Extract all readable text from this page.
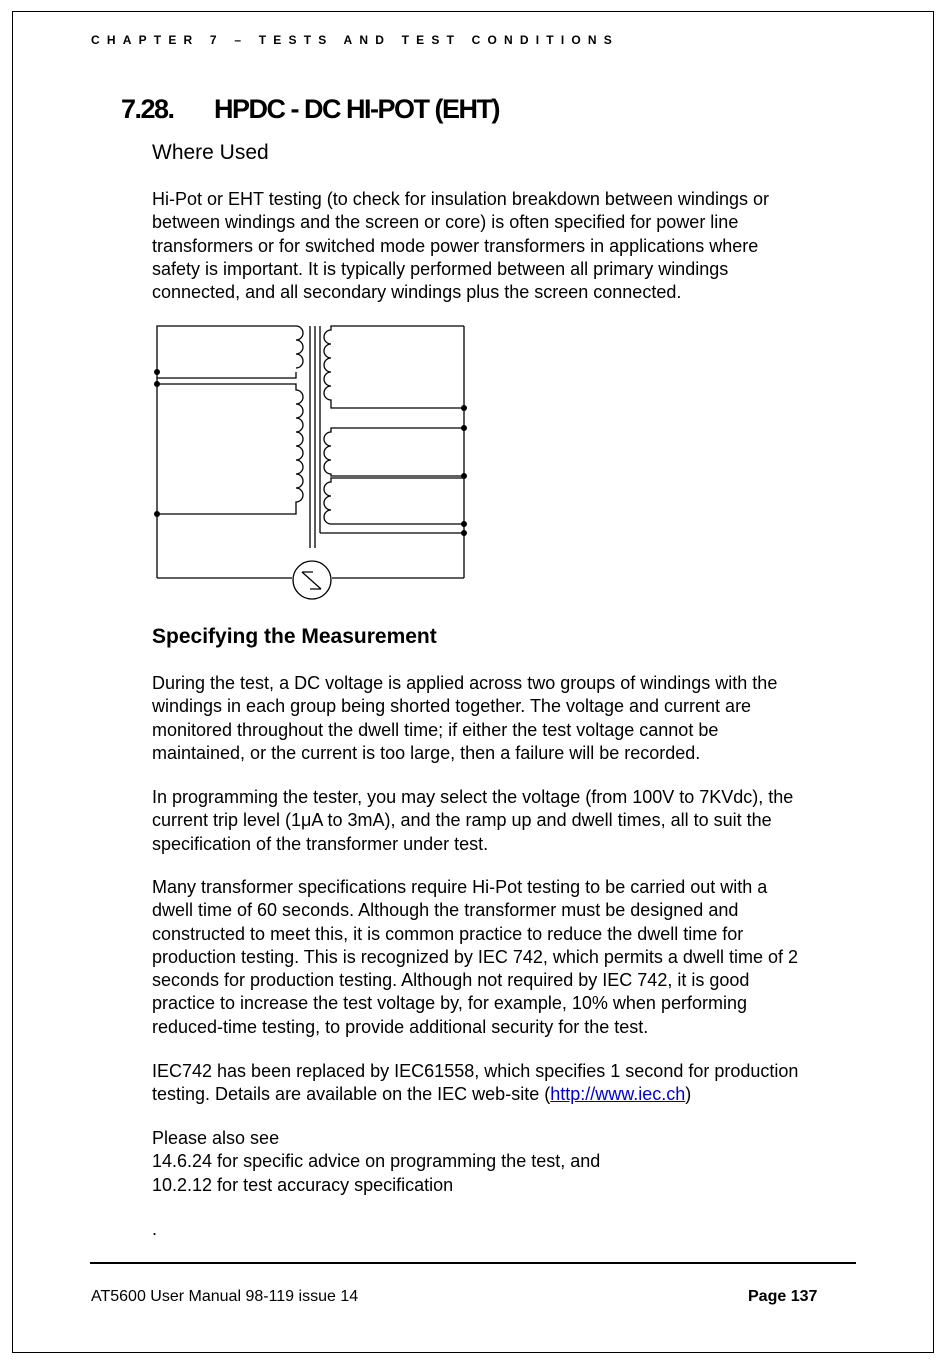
CHAPTER 7 – TESTS AND TEST CONDITIONS
7.28. HPDC - DC HI-POT (EHT)
Where Used
Hi-Pot or EHT testing (to check for insulation breakdown between windings or
between windings and the screen or core) is often specified for power line
transformers or for switched mode power transformers in applications where
safety is important. It is typically performed between all primary windings
connected, and all secondary windings plus the screen connected.
Specifying the Measurement
During the test, a DC voltage is applied across two groups of windings with the
windings in each group being shorted together. The voltage and current are
monitored throughout the dwell time; if either the test voltage cannot be
maintained, or the current is too large, then a failure will be recorded.
In programming the tester, you may select the voltage (from 100V to 7KVdc), the
current trip level (1μA to 3mA), and the ramp up and dwell times, all to suit the
specification of the transformer under test.
Many transformer specifications require Hi-Pot testing to be carried out with a
dwell time of 60 seconds. Although the transformer must be designed and
constructed to meet this, it is common practice to reduce the dwell time for
production testing. This is recognized by IEC 742, which permits a dwell time of 2
seconds for production testing. Although not required by IEC 742, it is good
practice to increase the test voltage by, for example, 10% when performing
reduced-time testing, to provide additional security for the test.
IEC742 has been replaced by IEC61558, which specifies 1 second for production
testing. Details are available on the IEC web-site (http://www.iec.ch)
Please also see
14.6.24 for specific advice on programming the test, and
10.2.12 for test accuracy specification
.
AT5600 User Manual 98-119 issue 14	Page 137
